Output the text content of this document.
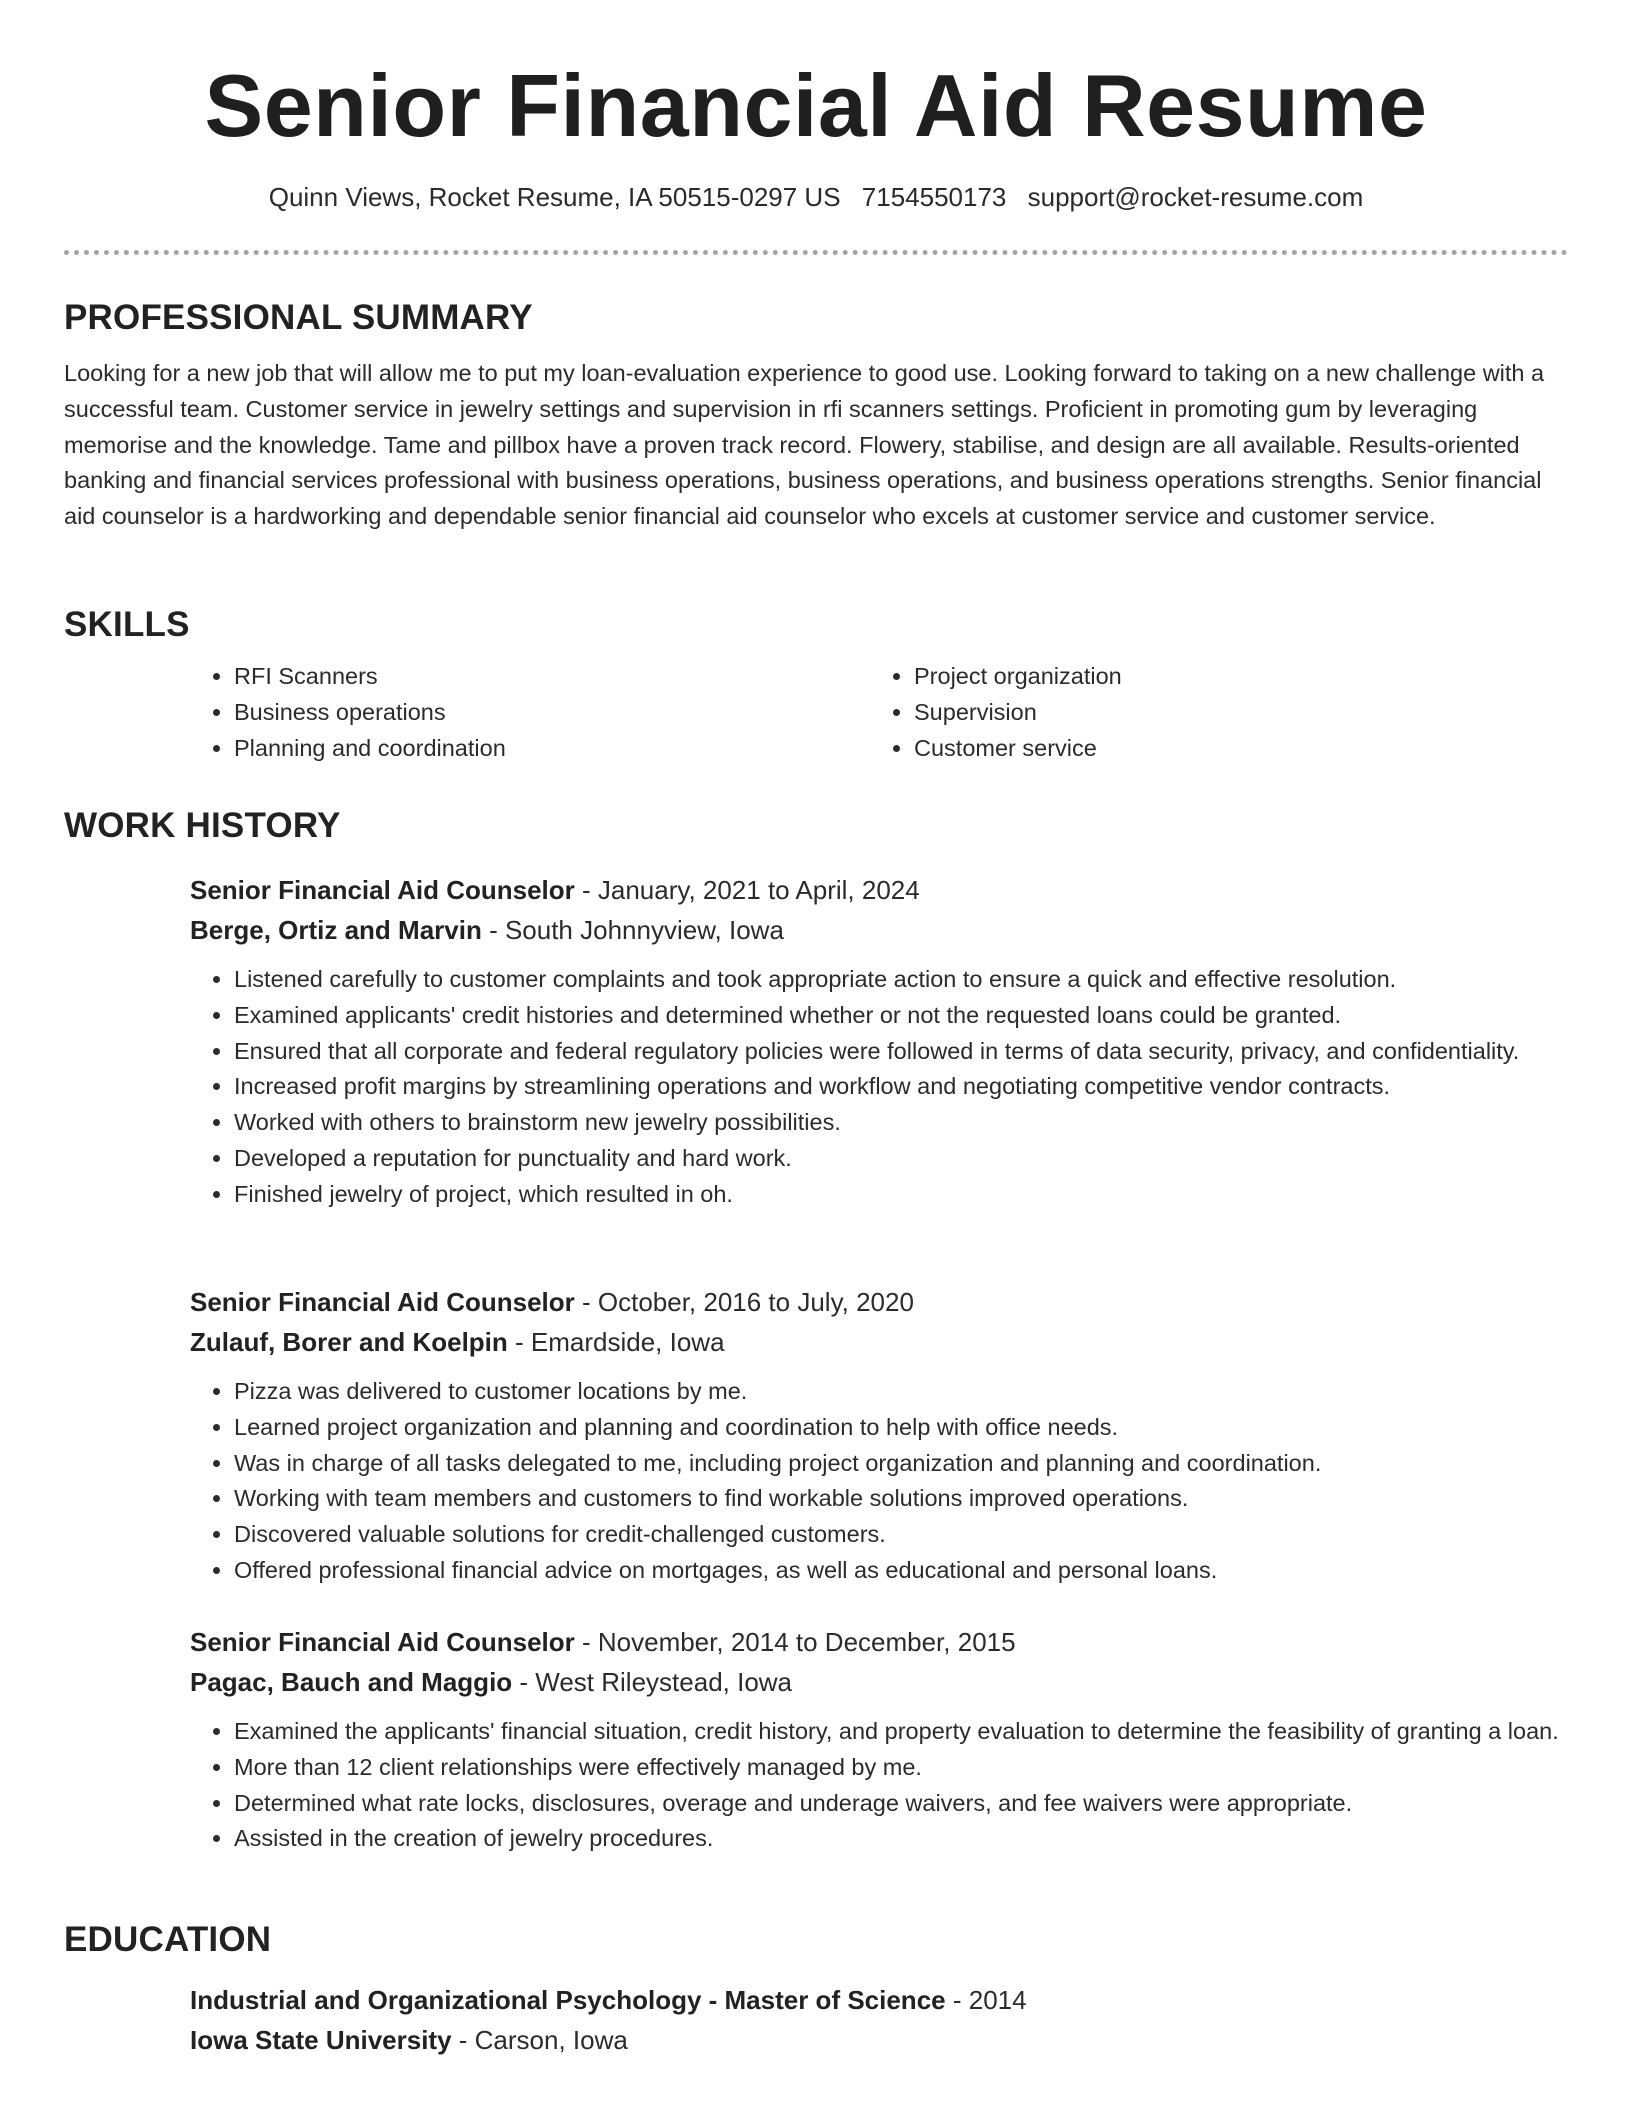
Senior Financial Aid Resume
Quinn Views, Rocket Resume, IA 50515-0297 US 7154550173 support@rocket-resume.com
PROFESSIONAL SUMMARY

Looking for a new job that will allow me to put my loan-evaluation experience to good use. Looking forward to taking on a new challenge with a successful team. Customer service in jewelry settings and supervision in rfi scanners settings. Proficient in promoting gum by leveraging memorise and the knowledge. Tame and pillbox have a proven track record. Flowery, stabilise, and design are all available. Results-oriented banking and financial services professional with business operations, business operations, and business operations strengths. Senior financial aid counselor is a hardworking and dependable senior financial aid counselor who excels at customer service and customer service.

SKILLS
• RFI Scanners
• Business operations
• Planning and coordination
• Project organization
• Supervision
• Customer service
WORK HISTORY

Senior Financial Aid Counselor - January, 2021 to April, 2024

Berge, Ortiz and Marvin - South Johnnyview, Iowa

• Listened carefully to customer complaints and took appropriate action to ensure a quick and effective resolution.
• Examined applicants' credit histories and determined whether or not the requested loans could be granted.
• Ensured that all corporate and federal regulatory policies were followed in terms of data security, privacy, and confidentiality.
• Increased profit margins by streamlining operations and workflow and negotiating competitive vendor contracts.
• Worked with others to brainstorm new jewelry possibilities.
• Developed a reputation for punctuality and hard work.
• Finished jewelry of project, which resulted in oh.

Senior Financial Aid Counselor - October, 2016 to July, 2020

Zulauf, Borer and Koelpin - Emardside, Iowa

• Pizza was delivered to customer locations by me.
• Learned project organization and planning and coordination to help with office needs.
• Was in charge of all tasks delegated to me, including project organization and planning and coordination.
• Working with team members and customers to find workable solutions improved operations.
• Discovered valuable solutions for credit-challenged customers.
• Offered professional financial advice on mortgages, as well as educational and personal loans.

Senior Financial Aid Counselor - November, 2014 to December, 2015

Pagac, Bauch and Maggio - West Rileystead, Iowa

• Examined the applicants' financial situation, credit history, and property evaluation to determine the feasibility of granting a loan.
• More than 12 client relationships were effectively managed by me.
• Determined what rate locks, disclosures, overage and underage waivers, and fee waivers were appropriate.
• Assisted in the creation of jewelry procedures.
EDUCATION

Industrial and Organizational Psychology - Master of Science - 2014

Iowa State University - Carson, Iowa
